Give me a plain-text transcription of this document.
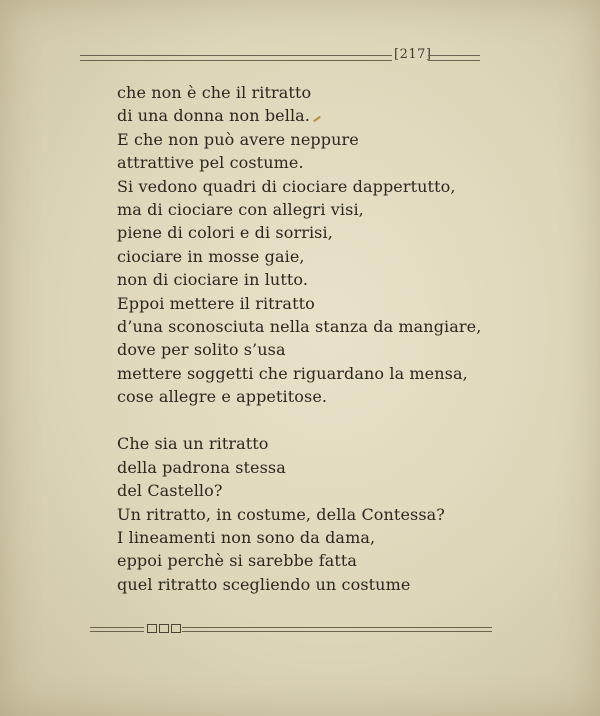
[217]
che non è che il ritratto
di una donna non bella.
E che non può avere neppure
attrattive pel costume.
Si vedono quadri di ciociare dappertutto,
ma di ciociare con allegri visi,
piene di colori e di sorrisi,
ciociare in mosse gaie,
non di ciociare in lutto.
Eppoi mettere il ritratto
d’una sconosciuta nella stanza da mangiare,
dove per solito s’usa
mettere soggetti che riguardano la mensa,
cose allegre e appetitose.
Che sia un ritratto
della padrona stessa
del Castello?
Un ritratto, in costume, della Contessa?
I lineamenti non sono da dama,
eppoi perchè si sarebbe fatta
quel ritratto scegliendo un costume
